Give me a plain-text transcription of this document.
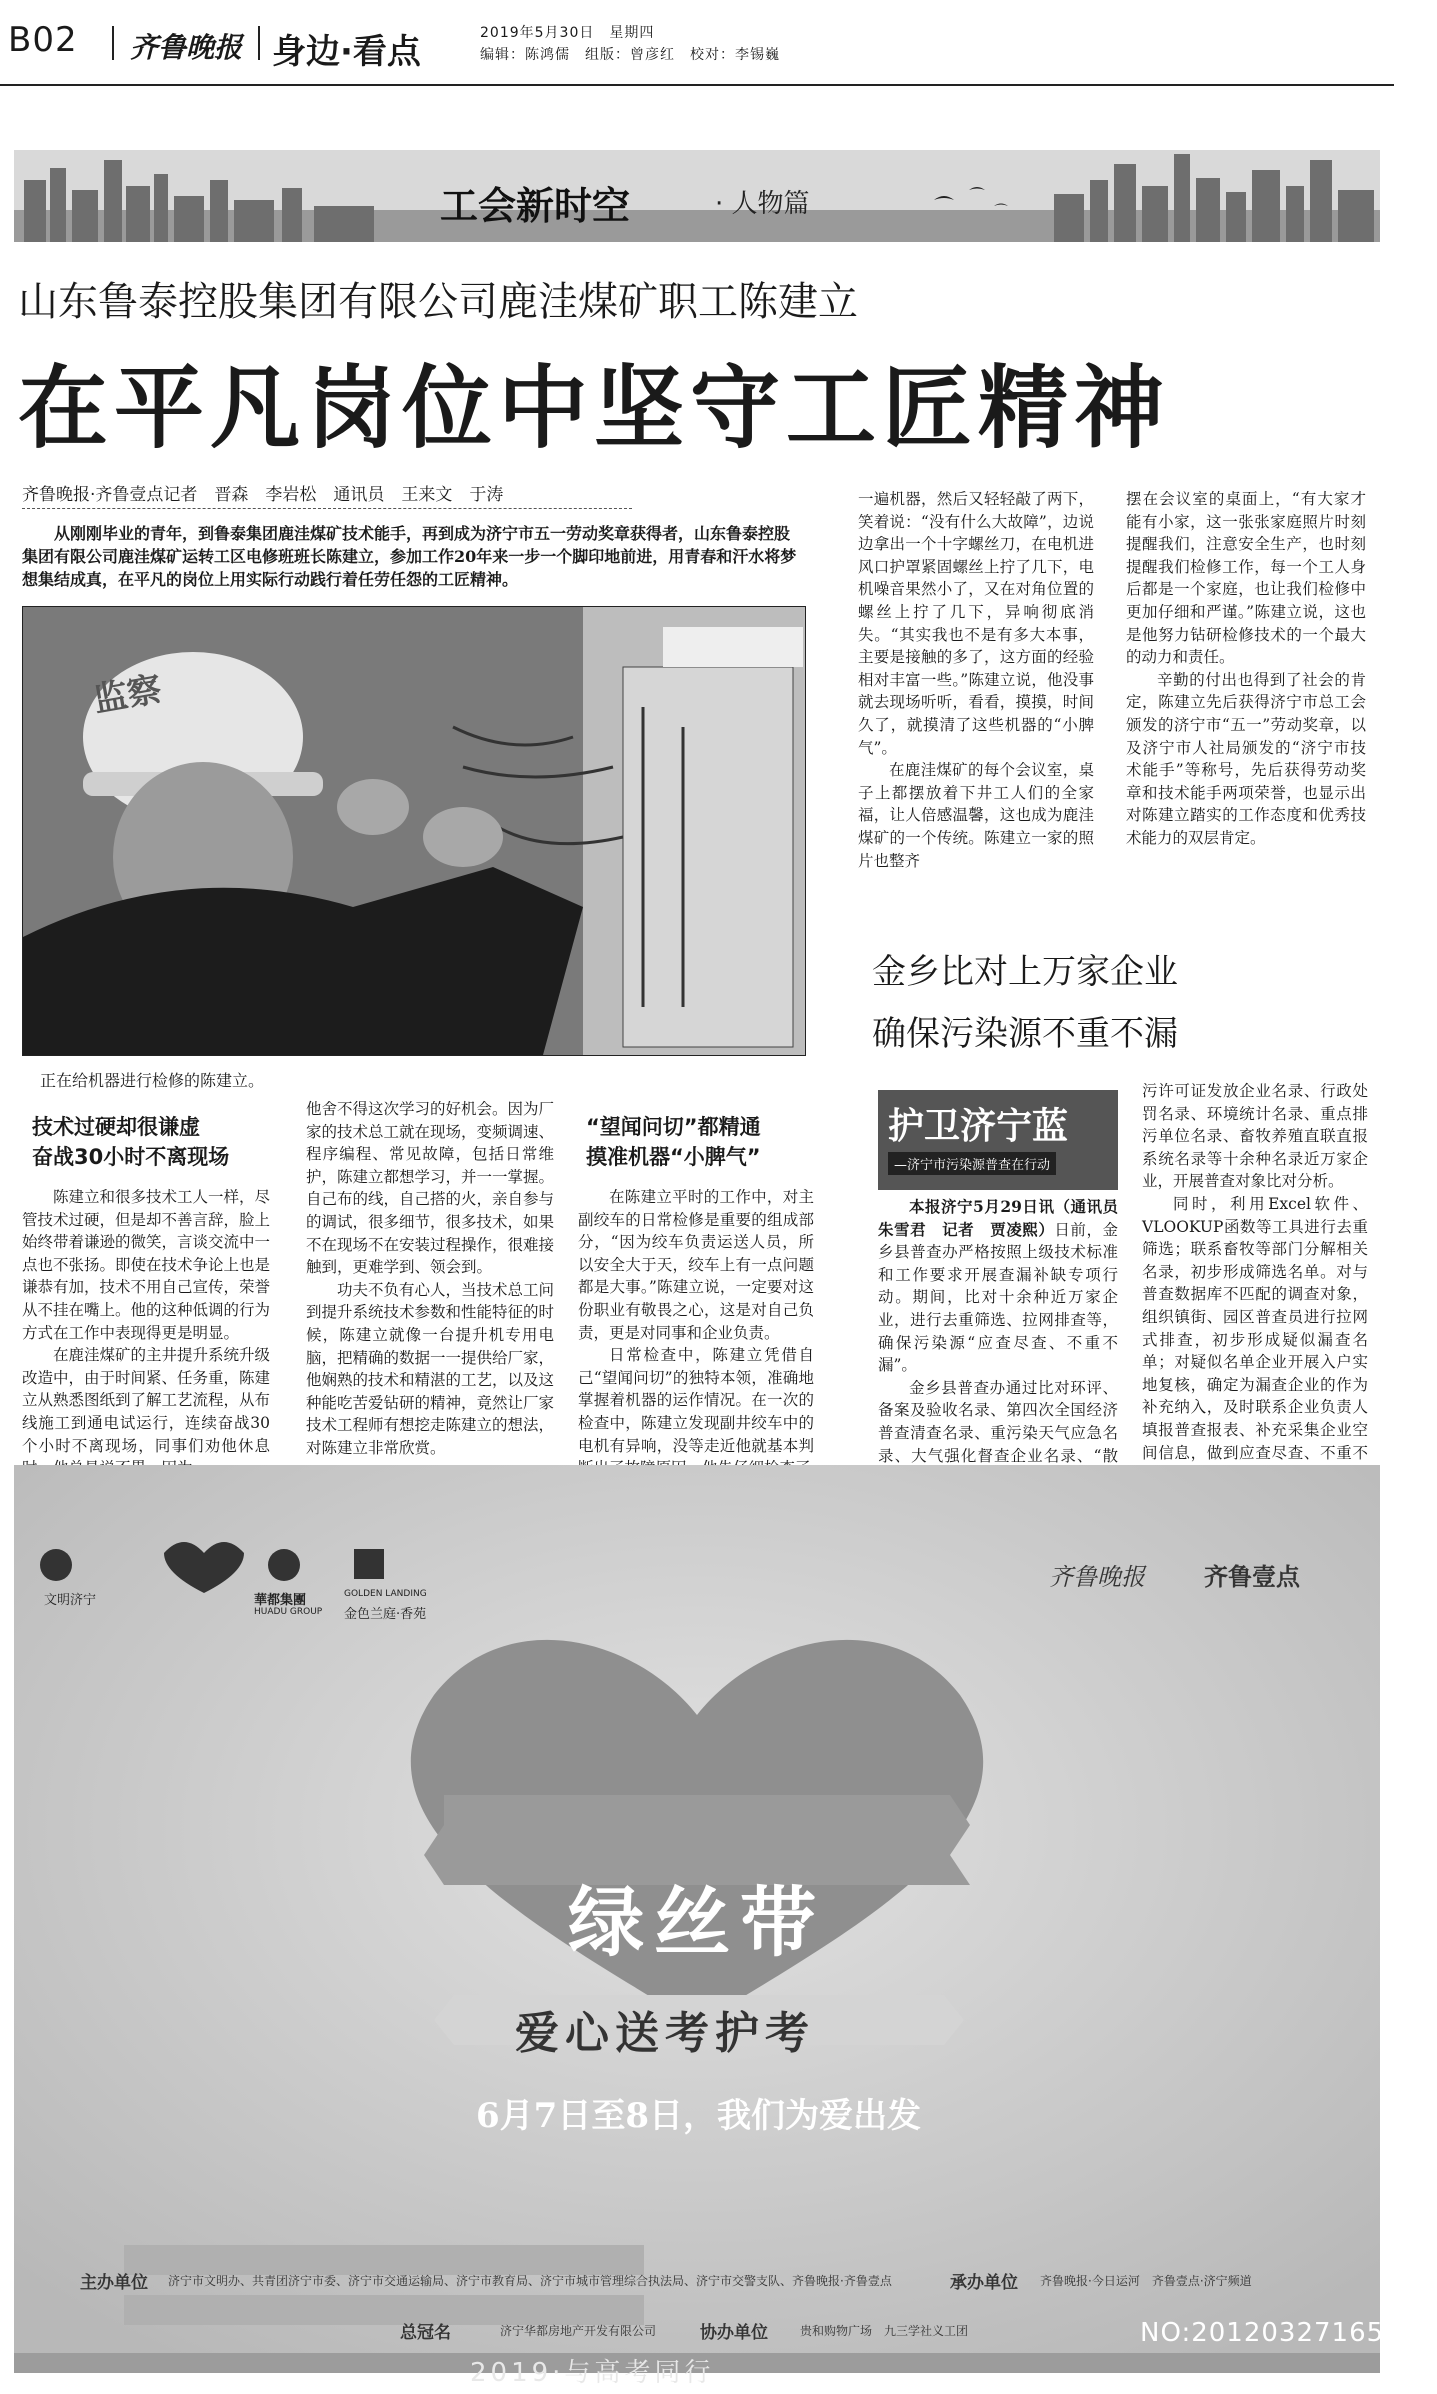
B02 齐鲁晚报 身边·看点	2019年5月30日　星期四
编辑：陈鸿儒　组版：曾彦红　校对：李锡巍
工会新时空	· 人物篇
山东鲁泰控股集团有限公司鹿洼煤矿职工陈建立
在平凡岗位中坚守工匠精神
齐鲁晚报·齐鲁壹点记者　晋森　李岩松　通讯员　王来文　于涛

从刚刚毕业的青年，到鲁泰集团鹿洼煤矿技术能手，再到成为济宁市五一劳动奖章获得者，山东鲁泰控股集团有限公司鹿洼煤矿运转工区电修班班长陈建立，参加工作20年来一步一个脚印地前进，用青春和汗水将梦想集结成真，在平凡的岗位上用实际行动践行着任劳任怨的工匠精神。

监察
正在给机器进行检修的陈建立。
技术过硬却很谦虚
奋战30小时不离现场

陈建立和很多技术工人一样，尽管技术过硬，但是却不善言辞，脸上始终带着谦逊的微笑，言谈交流中一点也不张扬。即使在技术争论上也是谦恭有加，技术不用自己宣传，荣誉从不挂在嘴上。他的这种低调的行为方式在工作中表现得更是明显。

在鹿洼煤矿的主井提升系统升级改造中，由于时间紧、任务重，陈建立从熟悉图纸到了解工艺流程，从布线施工到通电试运行，连续奋战30个小时不离现场，同事们劝他休息

他舍不得这次学习的好机会。因为厂家的技术总工就在现场，变频调速、程序编程、常见故障，包括日常维护，陈建立都想学习，并一一掌握。自己布的线，自己搭的火，亲自参与的调试，很多细节，很多技术，如果不在现场不在安装过程操作，很难接触到，更难学到、领会到。

功夫不负有心人，当技术总工问到提升系统技术参数和性能特征的时候，陈建立就像一台提升机专用电脑，把精确的数据一一提供给厂家，他娴熟的技术和精湛的工艺，以及这种能吃苦爱钻研的精神，竟然让厂家技术工程师有想挖走陈建立的想法，对陈建立非常欣赏。

“望闻问切”都精通
摸准机器“小脾气”

在陈建立平时的工作中，对主副绞车的日常检修是重要的组成部分，“因为绞车负责运送人员，所以安全大于天，绞车上有一点问题都是大事。”陈建立说，一定要对这份职业有敬畏之心，这是对自己负责，更是对同事和企业负责。

日常检查中，陈建立凭借自己“望闻问切”的独特本领，准确地掌握着机器的运作情况。在一次的检查中，陈建立发现副井绞车中的电机有异响，没等走近他就基本判

一遍机器，然后又轻轻敲了两下，笑着说：“没有什么大故障”，边说边拿出一个十字螺丝刀，在电机进风口护罩紧固螺丝上拧了几下，电机噪音果然小了，又在对角位置的螺丝上拧了几下，异响彻底消失。“其实我也不是有多大本事，主要是接触的多了，这方面的经验相对丰富一些。”陈建立说，他没事就去现场听听，看看，摸摸，时间久了，就摸清了这些机器的“小脾气”。

在鹿洼煤矿的每个会议室，桌子上都摆放着下井工人们的全家福，让人倍感温馨，这也成为鹿洼煤矿的一个传统。陈建立一家的照片也整齐

摆在会议室的桌面上，“有大家才能有小家，这一张张家庭照片时刻提醒我们，注意安全生产，也时刻提醒我们检修工作，每一个工人身后都是一个家庭，也让我们检修中更加仔细和严谨。”陈建立说，这也是他努力钻研检修技术的一个最大的动力和责任。

辛勤的付出也得到了社会的肯定，陈建立先后获得济宁市总工会颁发的济宁市“五一”劳动奖章，以及济宁市人社局颁发的“济宁市技术能手”等称号，先后获得劳动奖章和技术能手两项荣誉，也显示出对陈建立踏实的工作态度和优秀技术能力的双层肯定。

金乡比对上万家企业
确保污染源不重不漏
护卫济宁蓝
—济宁市污染源普查在行动

本报济宁5月29日讯（通讯员　朱雪君　记者　贾凌熙）日前，金乡县普查办严格按照上级技术标准和工作要求开展查漏补缺专项行动。期间，比对十余种近万家企业，进行去重筛选、拉网排查等，确保污染源“应查尽查、不重不漏”。

金乡县普查办通过比对环评、备案及验收名录、第四次全国经济普查清查名录、重污染天气应急名录、大气强化督查企业名录、“散

污许可证发放企业名录、行政处罚名录、环境统计名录、重点排污单位名录、畜牧养殖直联直报系统名录等十余种名录近万家企业，开展普查对象比对分析。

同时，利用Excel软件、VLOOKUP函数等工具进行去重筛选；联系畜牧等部门分解相关名录，初步形成筛选名单。对与普查数据库不匹配的调查对象，组织镇街、园区普查员进行拉网式排查，初步形成疑似漏查名单；对疑似名单企业开展入户实地复核，确定为漏查企业的作为补充纳入，及时联系企业负责人填报普查报表、补充采集企业空间信息，做到应查尽查、不重不

文明济宁	華都集團
HUADU GROUP
GOLDEN LANDING
金色兰庭·香苑
齐鲁晚报 齐鲁壹点
绿丝带
爱心送考护考
6月7日至8日，我们为爱出发
主办单位 济宁市文明办、共青团济宁市委、济宁市交通运输局、济宁市教育局、济宁市城市管理综合执法局、济宁市交警支队、齐鲁晚报·齐鲁壹点	承办单位 齐鲁晚报·今日运河　齐鲁壹点·济宁频道
总冠名	济宁华都房地产开发有限公司	协办单位	贵和购物广场　九三学社义工团	NO:20120327165656
2019·与高考同行
